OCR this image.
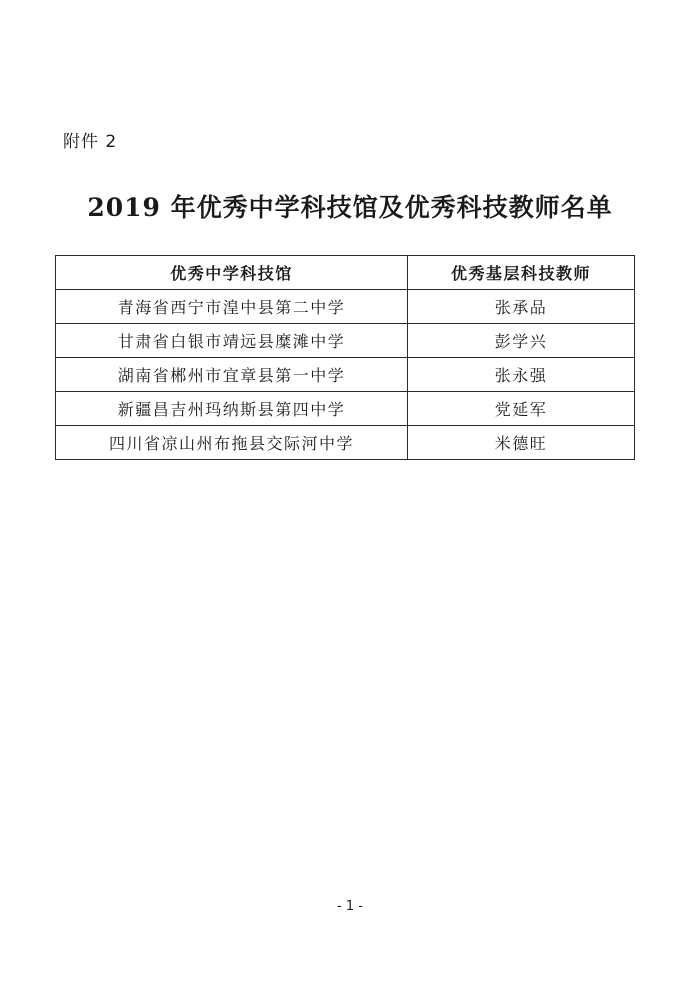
附件 2
2019 年优秀中学科技馆及优秀科技教师名单
优秀中学科技馆	优秀基层科技教师
青海省西宁市湟中县第二中学	张承品
甘肃省白银市靖远县糜滩中学	彭学兴
湖南省郴州市宜章县第一中学	张永强
新疆昌吉州玛纳斯县第四中学	党延军
四川省凉山州布拖县交际河中学	米德旺
- 1 -
